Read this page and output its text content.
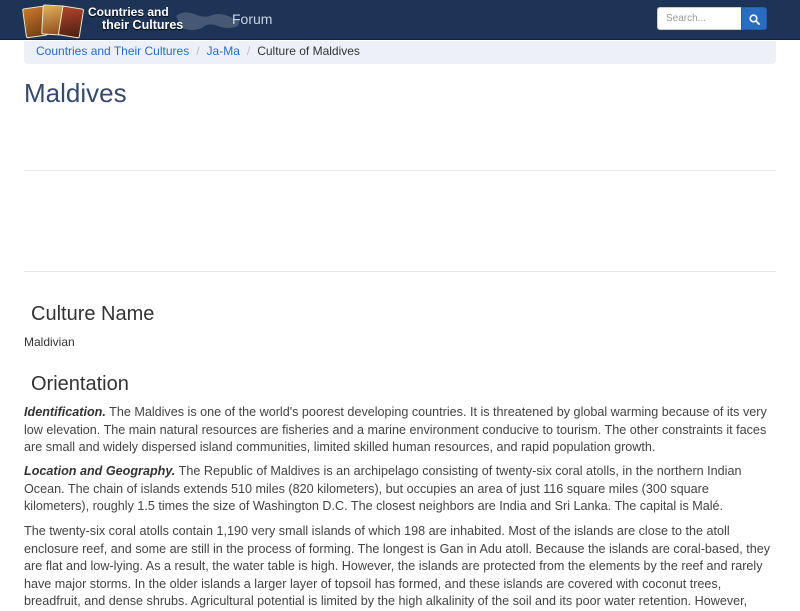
Countries and
their Cultures	Forum
Search...
Countries and Their Cultures / Ja-Ma / Culture of Maldives
Maldives
Culture Name
Maldivian
Orientation

Identification. The Maldives is one of the world's poorest developing countries. It is threatened by global warming because of its very low elevation. The main natural resources are fisheries and a marine environment conducive to tourism. The other constraints it faces are small and widely dispersed island communities, limited skilled human resources, and rapid population growth.

Location and Geography. The Republic of Maldives is an archipelago consisting of twenty-six coral atolls, in the northern Indian Ocean. The chain of islands extends 510 miles (820 kilometers), but occupies an area of just 116 square miles (300 square kilometers), roughly 1.5 times the size of Washington D.C. The closest neighbors are India and Sri Lanka. The capital is Malé.

The twenty-six coral atolls contain 1,190 very small islands of which 198 are inhabited. Most of the islands are close to the atoll enclosure reef, and some are still in the process of forming. The longest is Gan in Adu atoll. Because the islands are coral-based, they are flat and low-lying. As a result, the water table is high. However, the islands are protected from the elements by the reef and rarely have major storms. In the older islands a larger layer of topsoil has formed, and these islands are covered with coconut trees, breadfruit, and dense shrubs. Agricultural potential is limited by the high alkalinity of the soil and its poor water retention. However,
